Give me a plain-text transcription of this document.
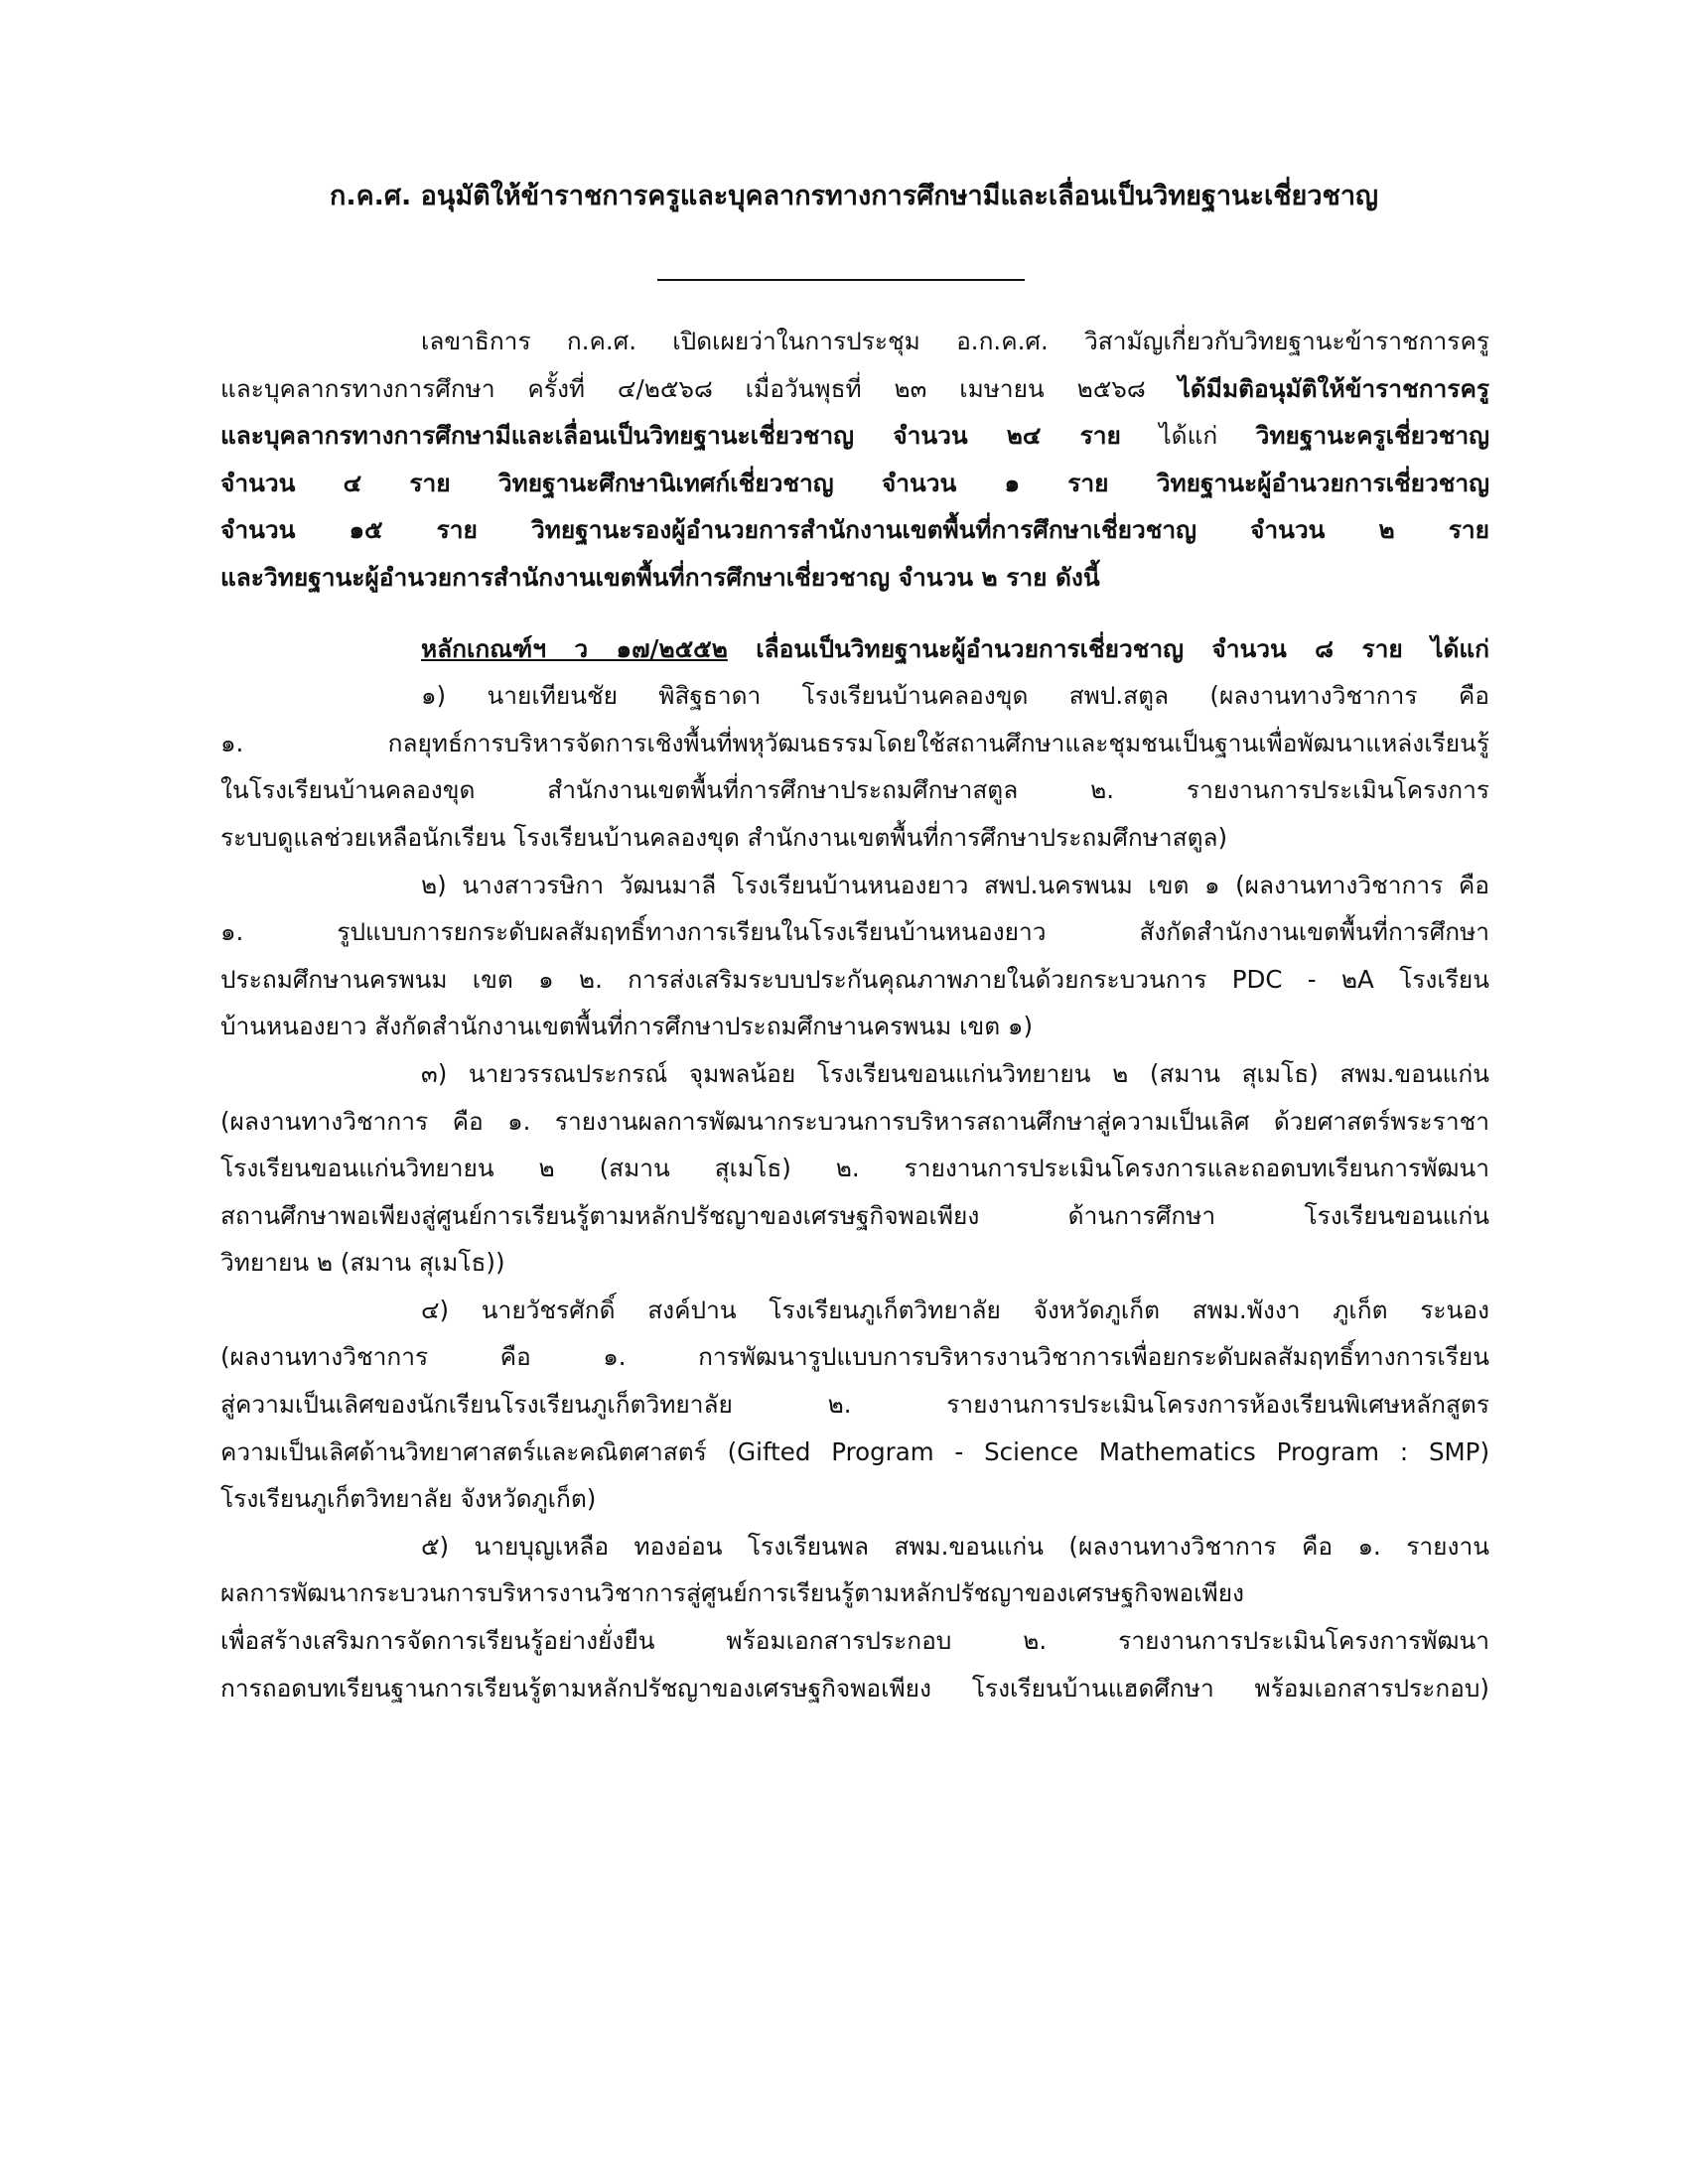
ก.ค.ศ. อนุมัติให้ข้าราชการครูและบุคลากรทางการศึกษามีและเลื่อนเป็นวิทยฐานะเชี่ยวชาญ

เลขาธิการ ก.ค.ศ. เปิดเผยว่าในการประชุม อ.ก.ค.ศ. วิสามัญเกี่ยวกับวิทยฐานะข้าราชการครู
และบุคลากรทางการศึกษา ครั้งที่ ๔/๒๕๖๘ เมื่อวันพุธที่ ๒๓ เมษายน ๒๕๖๘ ได้มีมติอนุมัติให้ข้าราชการครู
และบุคลากรทางการศึกษามีและเลื่อนเป็นวิทยฐานะเชี่ยวชาญ จำนวน ๒๔ ราย ได้แก่ วิทยฐานะครูเชี่ยวชาญ
จำนวน ๔ ราย วิทยฐานะศึกษานิเทศก์เชี่ยวชาญ จำนวน ๑ ราย วิทยฐานะผู้อำนวยการเชี่ยวชาญ
จำนวน ๑๕ ราย วิทยฐานะรองผู้อำนวยการสำนักงานเขตพื้นที่การศึกษาเชี่ยวชาญ จำนวน ๒ ราย
และวิทยฐานะผู้อำนวยการสำนักงานเขตพื้นที่การศึกษาเชี่ยวชาญ จำนวน ๒ ราย ดังนี้

หลักเกณฑ์ฯ ว ๑๗/๒๕๕๒ เลื่อนเป็นวิทยฐานะผู้อำนวยการเชี่ยวชาญ จำนวน ๘ ราย ได้แก่

๑) นายเทียนชัย พิสิฐธาดา โรงเรียนบ้านคลองขุด สพป.สตูล (ผลงานทางวิชาการ คือ
๑. กลยุทธ์การบริหารจัดการเชิงพื้นที่พหุวัฒนธรรมโดยใช้สถานศึกษาและชุมชนเป็นฐานเพื่อพัฒนาแหล่งเรียนรู้
ในโรงเรียนบ้านคลองขุด สำนักงานเขตพื้นที่การศึกษาประถมศึกษาสตูล ๒. รายงานการประเมินโครงการ
ระบบดูแลช่วยเหลือนักเรียน โรงเรียนบ้านคลองขุด สำนักงานเขตพื้นที่การศึกษาประถมศึกษาสตูล)

๒) นางสาวรษิกา วัฒนมาลี โรงเรียนบ้านหนองยาว สพป.นครพนม เขต ๑ (ผลงานทางวิชาการ คือ
๑. รูปแบบการยกระดับผลสัมฤทธิ์ทางการเรียนในโรงเรียนบ้านหนองยาว สังกัดสำนักงานเขตพื้นที่การศึกษา
ประถมศึกษานครพนม เขต ๑ ๒. การส่งเสริมระบบประกันคุณภาพภายในด้วยกระบวนการ PDC - ๒A โรงเรียน
บ้านหนองยาว สังกัดสำนักงานเขตพื้นที่การศึกษาประถมศึกษานครพนม เขต ๑)

๓) นายวรรณประกรณ์ จุมพลน้อย โรงเรียนขอนแก่นวิทยายน ๒ (สมาน สุเมโธ) สพม.ขอนแก่น
(ผลงานทางวิชาการ คือ ๑. รายงานผลการพัฒนากระบวนการบริหารสถานศึกษาสู่ความเป็นเลิศ ด้วยศาสตร์พระราชา
โรงเรียนขอนแก่นวิทยายน ๒ (สมาน สุเมโธ) ๒. รายงานการประเมินโครงการและถอดบทเรียนการพัฒนา
สถานศึกษาพอเพียงสู่ศูนย์การเรียนรู้ตามหลักปรัชญาของเศรษฐกิจพอเพียง ด้านการศึกษา โรงเรียนขอนแก่น
วิทยายน ๒ (สมาน สุเมโธ))

๔) นายวัชรศักดิ์ สงค์ปาน โรงเรียนภูเก็ตวิทยาลัย จังหวัดภูเก็ต สพม.พังงา ภูเก็ต ระนอง
(ผลงานทางวิชาการ คือ ๑. การพัฒนารูปแบบการบริหารงานวิชาการเพื่อยกระดับผลสัมฤทธิ์ทางการเรียน
สู่ความเป็นเลิศของนักเรียนโรงเรียนภูเก็ตวิทยาลัย ๒. รายงานการประเมินโครงการห้องเรียนพิเศษหลักสูตร
ความเป็นเลิศด้านวิทยาศาสตร์และคณิตศาสตร์ (Gifted Program - Science Mathematics Program : SMP)
โรงเรียนภูเก็ตวิทยาลัย จังหวัดภูเก็ต)

๕) นายบุญเหลือ ทองอ่อน โรงเรียนพล สพม.ขอนแก่น (ผลงานทางวิชาการ คือ ๑. รายงาน
ผลการพัฒนากระบวนการบริหารงานวิชาการสู่ศูนย์การเรียนรู้ตามหลักปรัชญาของเศรษฐกิจพอเพียง
เพื่อสร้างเสริมการจัดการเรียนรู้อย่างยั่งยืน พร้อมเอกสารประกอบ ๒. รายงานการประเมินโครงการพัฒนา
การถอดบทเรียนฐานการเรียนรู้ตามหลักปรัชญาของเศรษฐกิจพอเพียง โรงเรียนบ้านแฮดศึกษา พร้อมเอกสารประกอบ)
